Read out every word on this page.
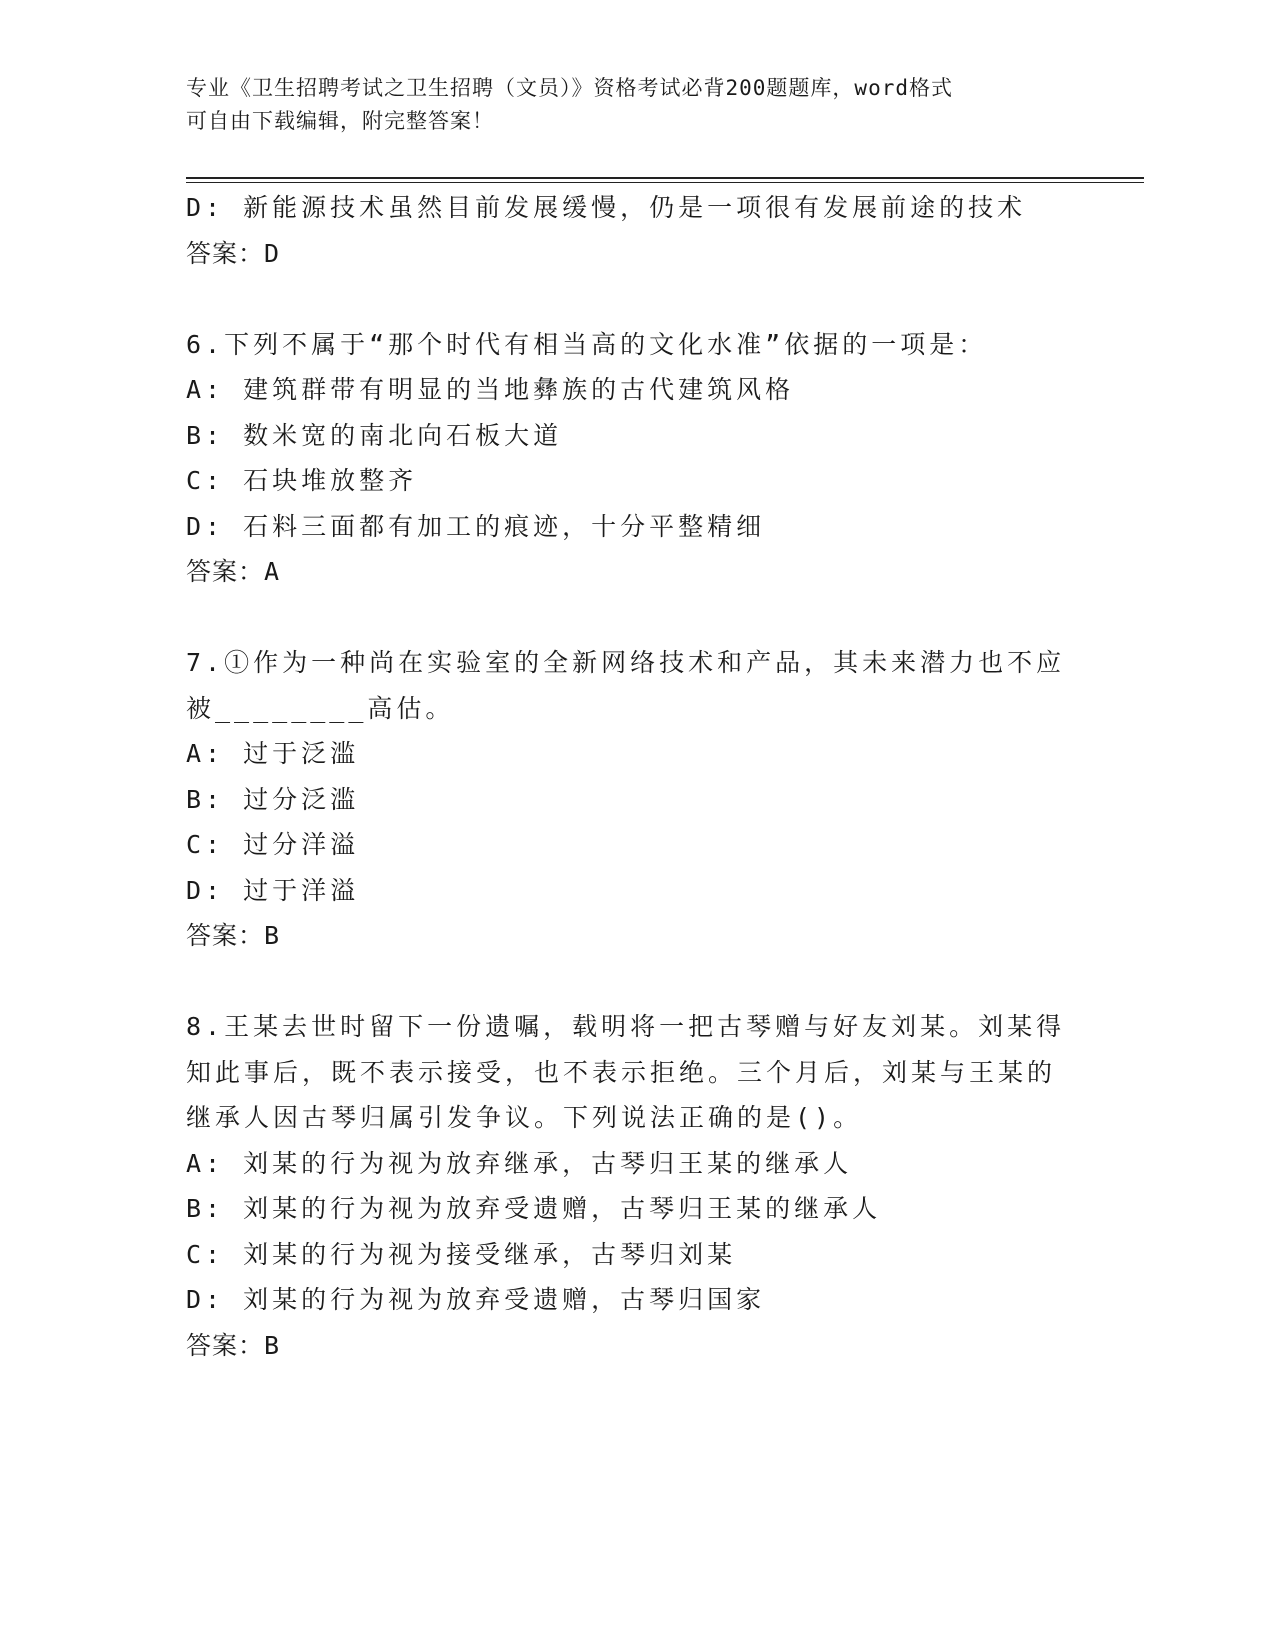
专业《卫生招聘考试之卫生招聘（文员）》资格考试必背200题题库，word格式
可自由下载编辑，附完整答案！
D: 新能源技术虽然目前发展缓慢，仍是一项很有发展前途的技术
答案：D
6.下列不属于“那个时代有相当高的文化水准”依据的一项是：
A: 建筑群带有明显的当地彝族的古代建筑风格
B: 数米宽的南北向石板大道
C: 石块堆放整齐
D: 石料三面都有加工的痕迹，十分平整精细
答案：A
7.①作为一种尚在实验室的全新网络技术和产品，其未来潜力也不应
被________高估。
A: 过于泛滥
B: 过分泛滥
C: 过分洋溢
D: 过于洋溢
答案：B
8.王某去世时留下一份遗嘱，载明将一把古琴赠与好友刘某。刘某得
知此事后，既不表示接受，也不表示拒绝。三个月后，刘某与王某的
继承人因古琴归属引发争议。下列说法正确的是()。
A: 刘某的行为视为放弃继承，古琴归王某的继承人
B: 刘某的行为视为放弃受遗赠，古琴归王某的继承人
C: 刘某的行为视为接受继承，古琴归刘某
D: 刘某的行为视为放弃受遗赠，古琴归国家
答案：B
